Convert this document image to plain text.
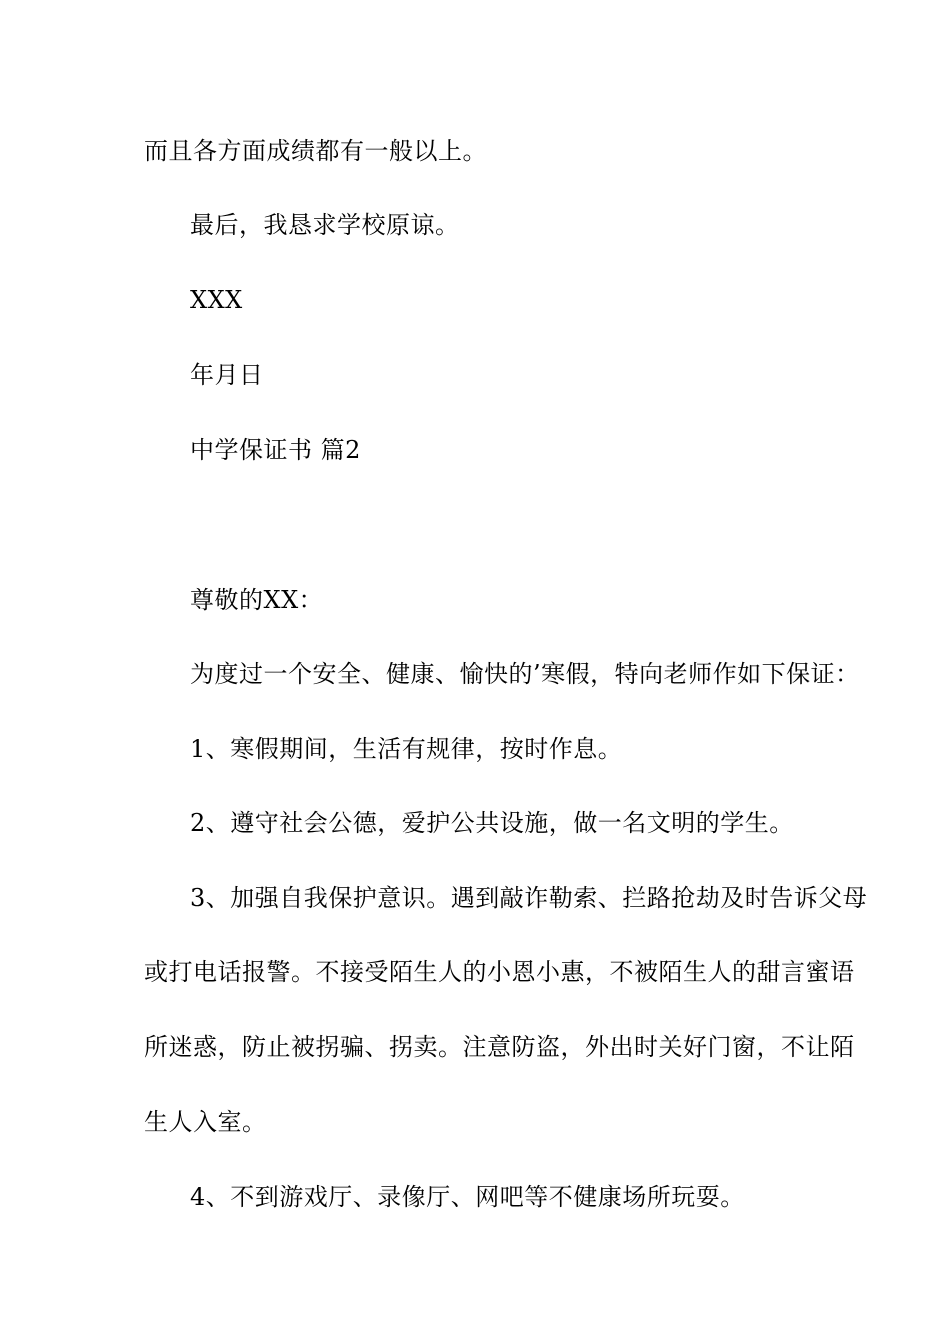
而且各方面成绩都有一般以上。
最后，我恳求学校原谅。
XXX
年月日
中学保证书 篇2
尊敬的XX：
为度过一个安全、健康、愉快的’寒假，特向老师作如下保证：
1、寒假期间，生活有规律，按时作息。
2、遵守社会公德，爱护公共设施，做一名文明的学生。
3、加强自我保护意识。遇到敲诈勒索、拦路抢劫及时告诉父母
或打电话报警。不接受陌生人的小恩小惠，不被陌生人的甜言蜜语
所迷惑，防止被拐骗、拐卖。注意防盗，外出时关好门窗，不让陌
生人入室。
4、不到游戏厅、录像厅、网吧等不健康场所玩耍。
